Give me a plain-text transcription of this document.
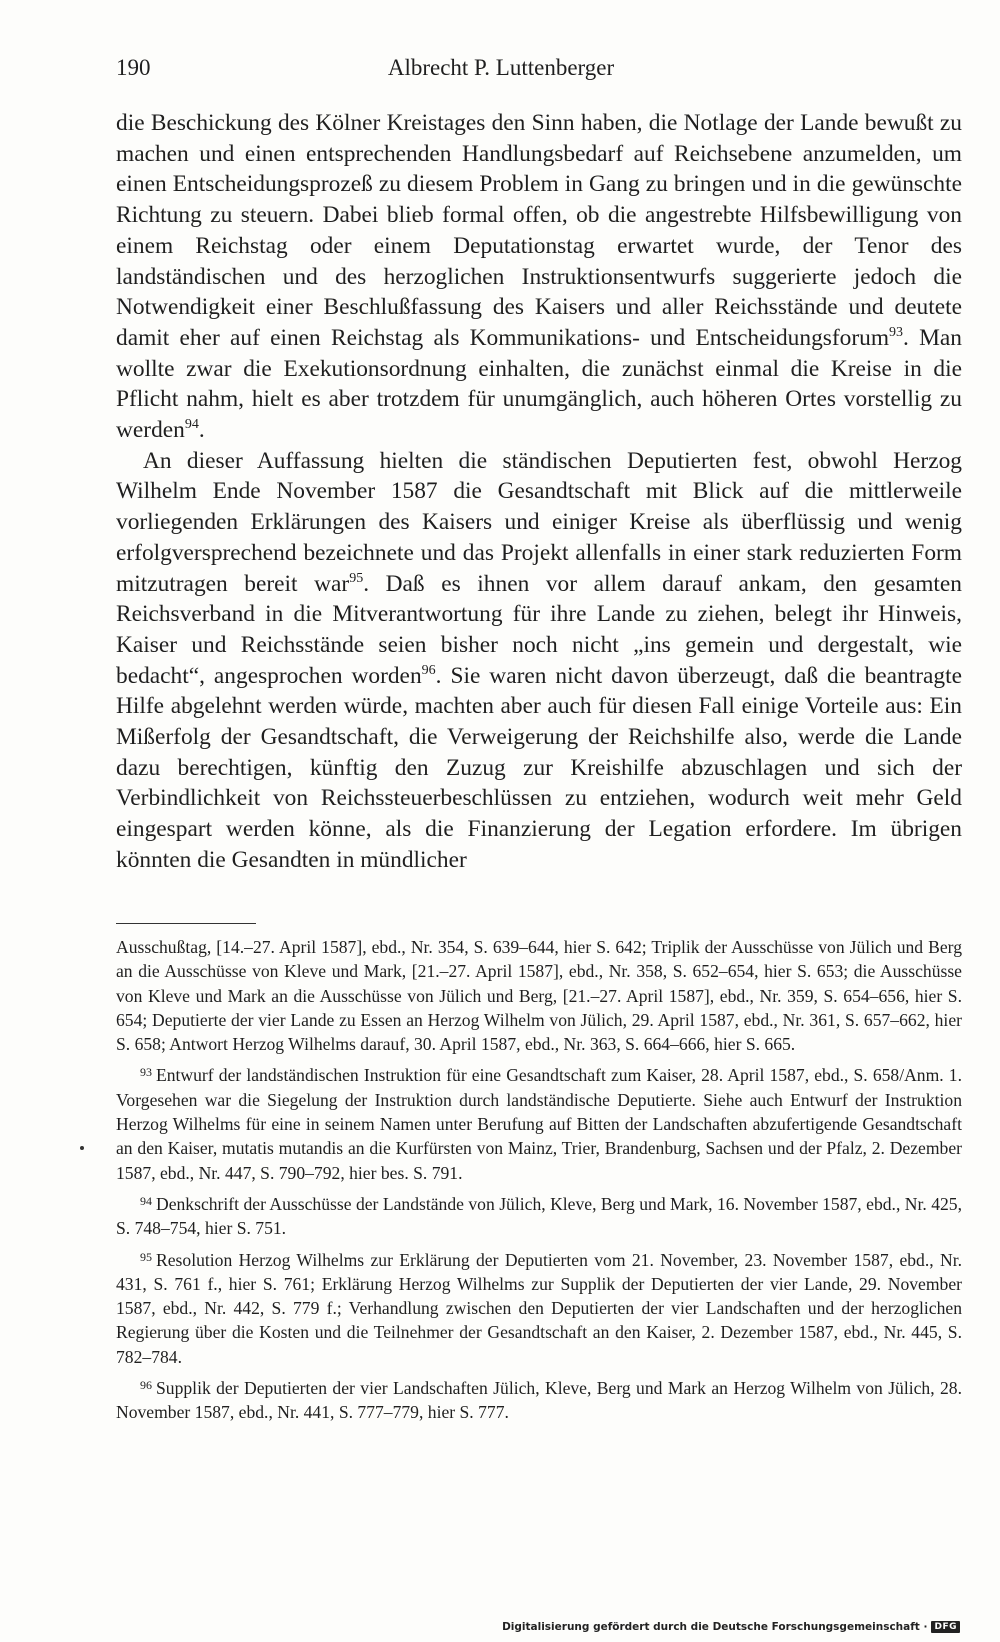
190	Albrecht P. Luttenberger

die Beschickung des Kölner Kreistages den Sinn haben, die Notlage der Lande bewußt zu machen und einen entsprechenden Handlungsbedarf auf Reichsebene anzumelden, um einen Entscheidungsprozeß zu diesem Problem in Gang zu bringen und in die gewünschte Richtung zu steuern. Dabei blieb formal offen, ob die angestrebte Hilfsbewilligung von einem Reichstag oder einem Deputationstag erwartet wurde, der Tenor des landständischen und des herzoglichen Instruktionsentwurfs suggerierte jedoch die Notwendigkeit einer Beschlußfassung des Kaisers und aller Reichsstände und deutete damit eher auf einen Reichstag als Kommunikations- und Entscheidungsforum$^{93}$. Man wollte zwar die Exekutionsordnung einhalten, die zunächst einmal die Kreise in die Pflicht nahm, hielt es aber trotzdem für unumgänglich, auch höheren Ortes vorstellig zu werden$^{94}$.

An dieser Auffassung hielten die ständischen Deputierten fest, obwohl Herzog Wilhelm Ende November 1587 die Gesandtschaft mit Blick auf die mittlerweile vorliegenden Erklärungen des Kaisers und einiger Kreise als überflüssig und wenig erfolgversprechend bezeichnete und das Projekt allenfalls in einer stark reduzierten Form mitzutragen bereit war$^{95}$. Daß es ihnen vor allem darauf ankam, den gesamten Reichsverband in die Mitverantwortung für ihre Lande zu ziehen, belegt ihr Hinweis, Kaiser und Reichsstände seien bisher noch nicht „ins gemein und dergestalt, wie bedacht“, angesprochen worden$^{96}$. Sie waren nicht davon überzeugt, daß die beantragte Hilfe abgelehnt werden würde, machten aber auch für diesen Fall einige Vorteile aus: Ein Mißerfolg der Gesandtschaft, die Verweigerung der Reichshilfe also, werde die Lande dazu berechtigen, künftig den Zuzug zur Kreishilfe abzuschlagen und sich der Verbindlichkeit von Reichssteuerbeschlüssen zu entziehen, wodurch weit mehr Geld eingespart werden könne, als die Finanzierung der Legation erfordere. Im übrigen könnten die Gesandten in mündlicher

Ausschußtag, [14.–27. April 1587], ebd., Nr. 354, S. 639–644, hier S. 642; Triplik der Ausschüsse von Jülich und Berg an die Ausschüsse von Kleve und Mark, [21.–27. April 1587], ebd., Nr. 358, S. 652–654, hier S. 653; die Ausschüsse von Kleve und Mark an die Ausschüsse von Jülich und Berg, [21.–27. April 1587], ebd., Nr. 359, S. 654–656, hier S. 654; Deputierte der vier Lande zu Essen an Herzog Wilhelm von Jülich, 29. April 1587, ebd., Nr. 361, S. 657–662, hier S. 658; Antwort Herzog Wilhelms darauf, 30. April 1587, ebd., Nr. 363, S. 664–666, hier S. 665.

$^{93}$ Entwurf der landständischen Instruktion für eine Gesandtschaft zum Kaiser, 28. April 1587, ebd., S. 658/Anm. 1. Vorgesehen war die Siegelung der Instruktion durch landständische Deputierte. Siehe auch Entwurf der Instruktion Herzog Wilhelms für eine in seinem Namen unter Berufung auf Bitten der Landschaften abzufertigende Gesandtschaft an den Kaiser, mutatis mutandis an die Kurfürsten von Mainz, Trier, Brandenburg, Sachsen und der Pfalz, 2. Dezember 1587, ebd., Nr. 447, S. 790–792, hier bes. S. 791.

$^{94}$ Denkschrift der Ausschüsse der Landstände von Jülich, Kleve, Berg und Mark, 16. November 1587, ebd., Nr. 425, S. 748–754, hier S. 751.

$^{95}$ Resolution Herzog Wilhelms zur Erklärung der Deputierten vom 21. November, 23. November 1587, ebd., Nr. 431, S. 761 f., hier S. 761; Erklärung Herzog Wilhelms zur Supplik der Deputierten der vier Lande, 29. November 1587, ebd., Nr. 442, S. 779 f.; Verhandlung zwischen den Deputierten der vier Landschaften und der herzoglichen Regierung über die Kosten und die Teilnehmer der Gesandtschaft an den Kaiser, 2. Dezember 1587, ebd., Nr. 445, S. 782–784.

$^{96}$ Supplik der Deputierten der vier Landschaften Jülich, Kleve, Berg und Mark an Herzog Wilhelm von Jülich, 28. November 1587, ebd., Nr. 441, S. 777–779, hier S. 777.

Digitalisierung gefördert durch die Deutsche Forschungsgemeinschaft · DFG
